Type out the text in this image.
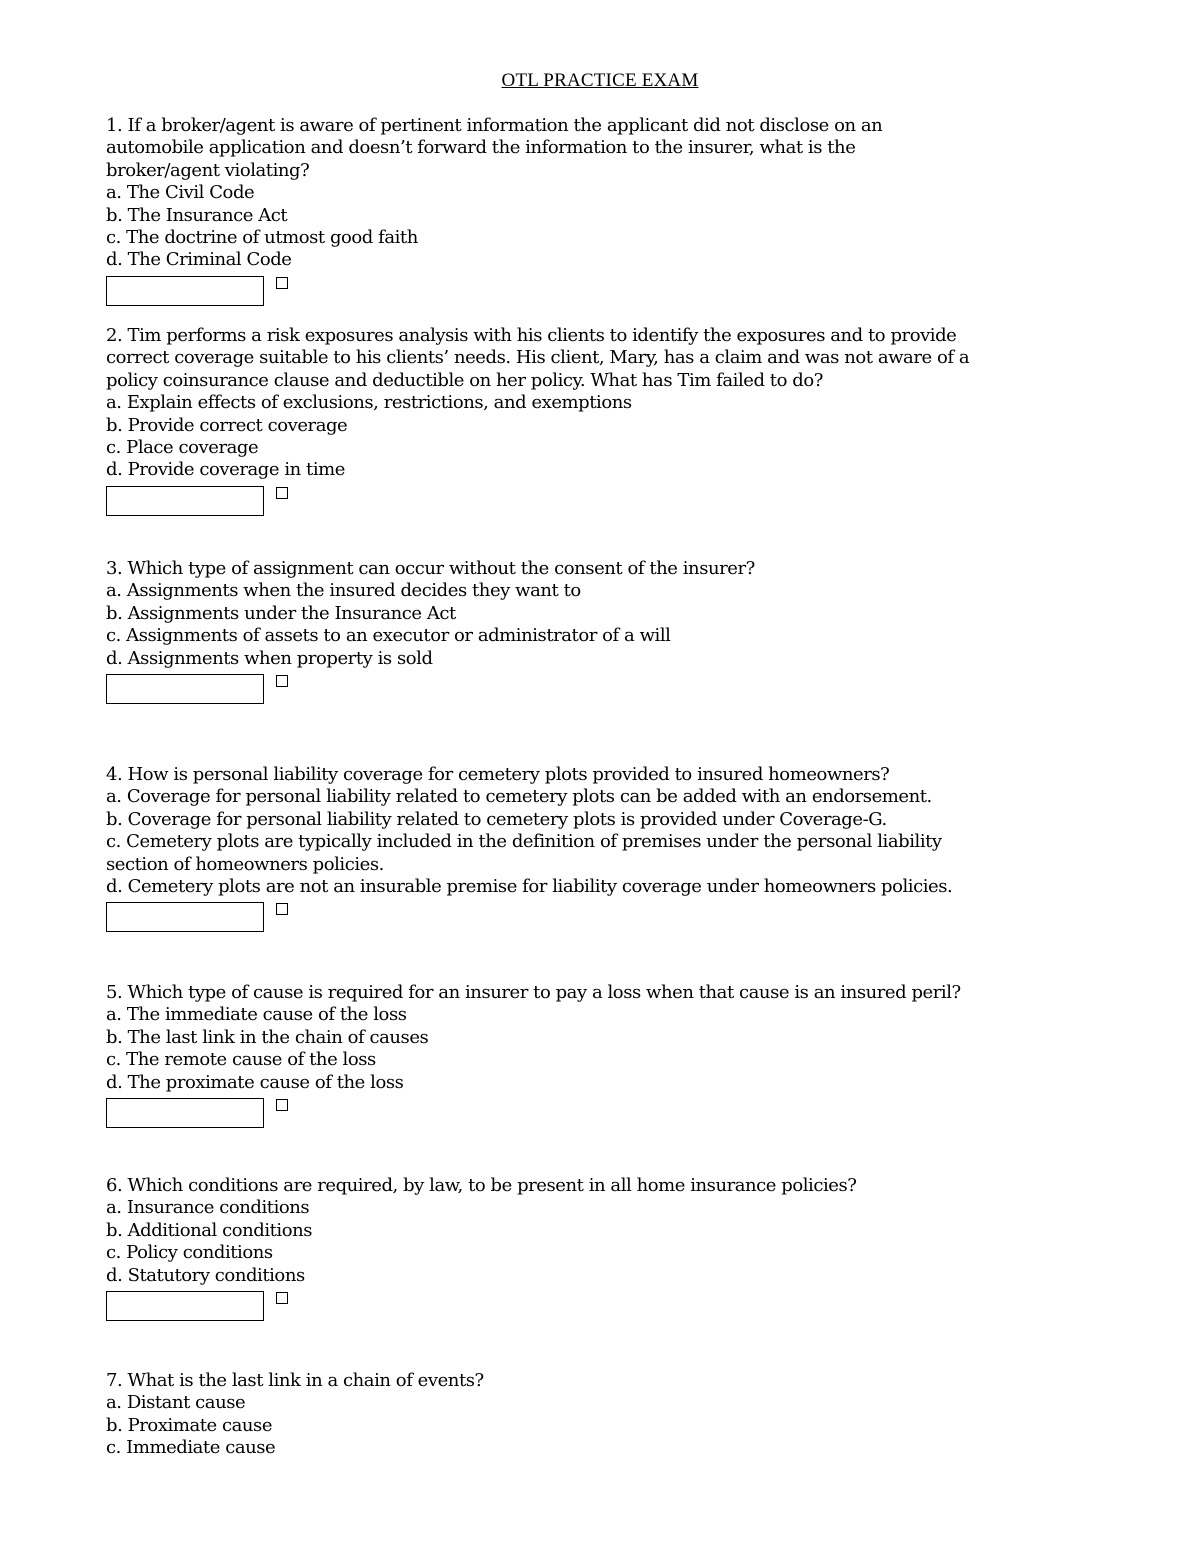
OTL PRACTICE EXAM
1. If a broker/agent is aware of pertinent information the applicant did not disclose on an
automobile application and doesn’t forward the information to the insurer, what is the
broker/agent violating?
a. The Civil Code
b. The Insurance Act
c. The doctrine of utmost good faith
d. The Criminal Code
2. Tim performs a risk exposures analysis with his clients to identify the exposures and to provide
correct coverage suitable to his clients’ needs. His client, Mary, has a claim and was not aware of a
policy coinsurance clause and deductible on her policy. What has Tim failed to do?
a. Explain effects of exclusions, restrictions, and exemptions
b. Provide correct coverage
c. Place coverage
d. Provide coverage in time
3. Which type of assignment can occur without the consent of the insurer?
a. Assignments when the insured decides they want to
b. Assignments under the Insurance Act
c. Assignments of assets to an executor or administrator of a will
d. Assignments when property is sold
4. How is personal liability coverage for cemetery plots provided to insured homeowners?
a. Coverage for personal liability related to cemetery plots can be added with an endorsement.
b. Coverage for personal liability related to cemetery plots is provided under Coverage-G.
c. Cemetery plots are typically included in the definition of premises under the personal liability
section of homeowners policies.
d. Cemetery plots are not an insurable premise for liability coverage under homeowners policies.
5. Which type of cause is required for an insurer to pay a loss when that cause is an insured peril?
a. The immediate cause of the loss
b. The last link in the chain of causes
c. The remote cause of the loss
d. The proximate cause of the loss
6. Which conditions are required, by law, to be present in all home insurance policies?
a. Insurance conditions
b. Additional conditions
c. Policy conditions
d. Statutory conditions
7. What is the last link in a chain of events?
a. Distant cause
b. Proximate cause
c. Immediate cause
